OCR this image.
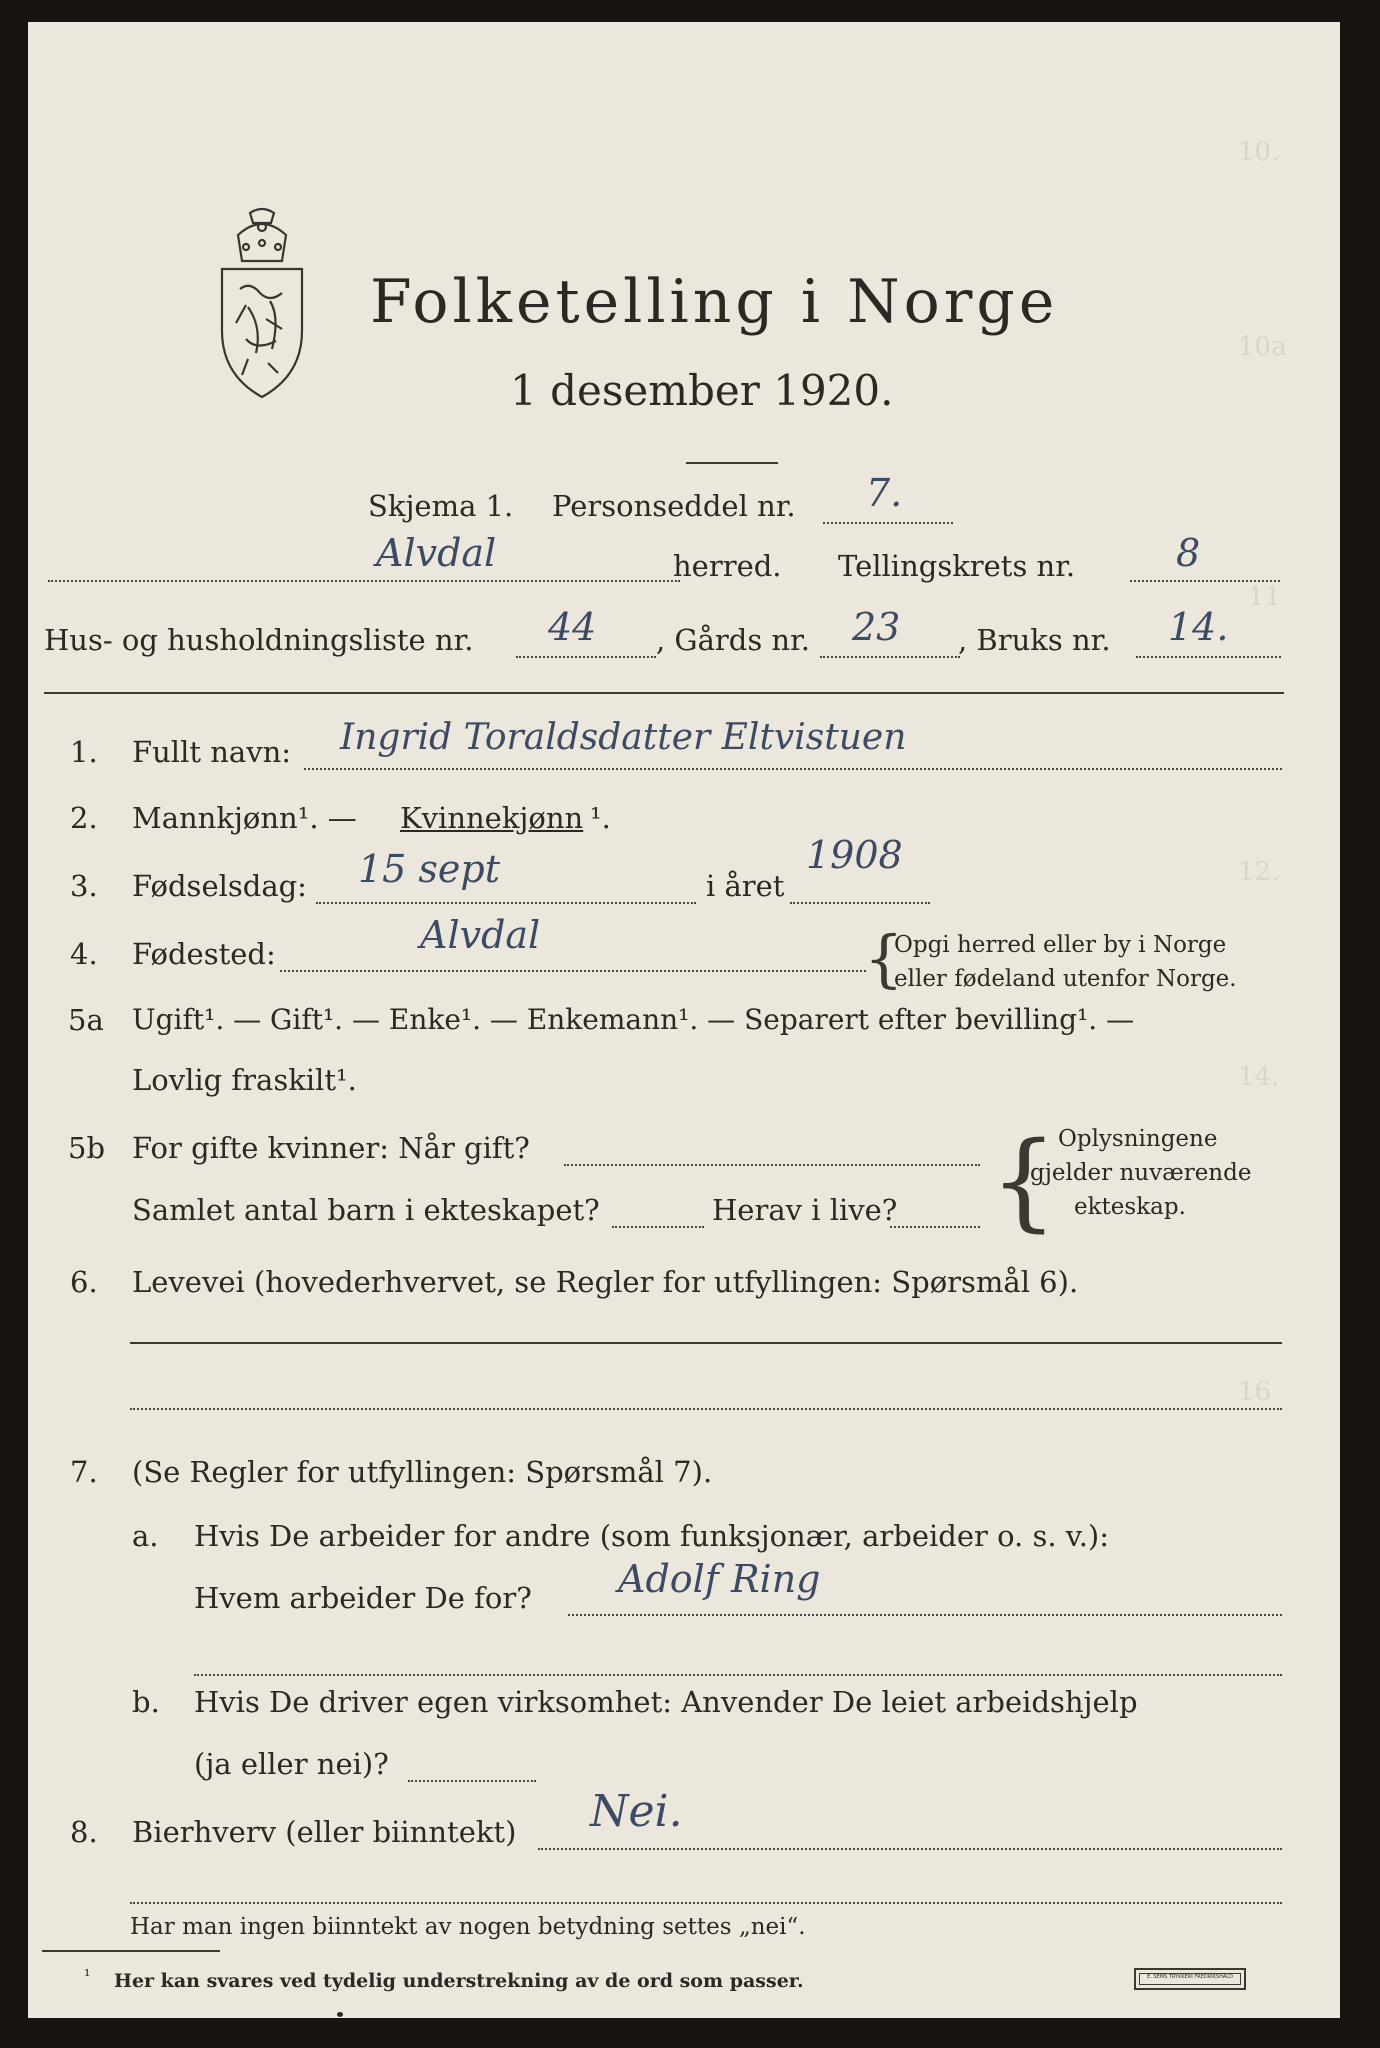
10.
10a
11
12.
14.
16
Folketelling i Norge
1 desember 1920.
Skjema 1. Personseddel nr. 7.
Alvdal	herred. Tellingskrets nr.	8
Hus- og husholdningsliste nr. 44 , Gårds nr. 23 , Bruks nr. 14.
1. Fullt navn: Ingrid Toraldsdatter Eltvistuen
2. Mannkjønn¹. — Kvinnekjønn ¹.
3. Fødselsdag: 15 sept	i året
1908
4. Fødested:	Alvdal	{
Opgi herred eller by i Norge
eller fødeland utenfor Norge.
5a Ugift¹. — Gift¹. — Enke¹. — Enkemann¹. — Separert efter bevilling¹. —
Lovlig fraskilt¹.
5b For gifte kvinner: Når gift?
Samlet antal barn i ekteskapet?	Herav i live? { Oplysningene
gjelder nuværende
ekteskap.
6. Levevei (hovederhvervet, se Regler for utfyllingen: Spørsmål 6).
7. (Se Regler for utfyllingen: Spørsmål 7).
a. Hvis De arbeider for andre (som funksjonær, arbeider o. s. v.):
Hvem arbeider De for? Adolf Ring
b. Hvis De driver egen virksomhet: Anvender De leiet arbeidshjelp
(ja eller nei)?
8. Bierhverv (eller biinntekt) Nei.
Har man ingen biinntekt av nogen betydning settes „nei“.
¹ Her kan svares ved tydelig understrekning av de ord som passer.	E. SEMS TRYKKERI FREDRIKSHALD
